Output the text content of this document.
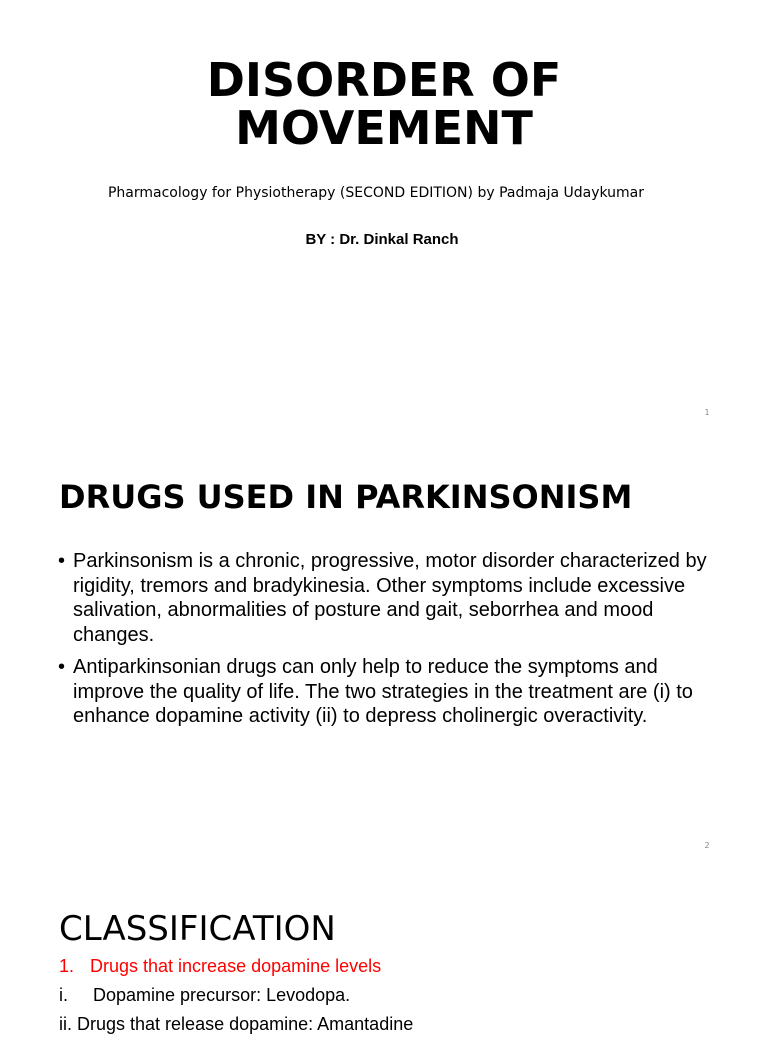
DISORDER OF
MOVEMENT
Pharmacology for Physiotherapy (SECOND EDITION) by Padmaja Udaykumar
BY : Dr. Dinkal Ranch
1
DRUGS USED IN PARKINSONISM
• Parkinsonism is a chronic, progressive, motor disorder characterized by rigidity, tremors and bradykinesia. Other symptoms include excessive salivation, abnormalities of posture and gait, seborrhea and mood changes.
• Antiparkinsonian drugs can only help to reduce the symptoms and improve the quality of life. The two strategies in the treatment are (i) to enhance dopamine activity (ii) to depress cholinergic overactivity.
2
CLASSIFICATION
1. Drugs that increase dopamine levels
i. Dopamine precursor: Levodopa.
ii. Drugs that release dopamine: Amantadine
